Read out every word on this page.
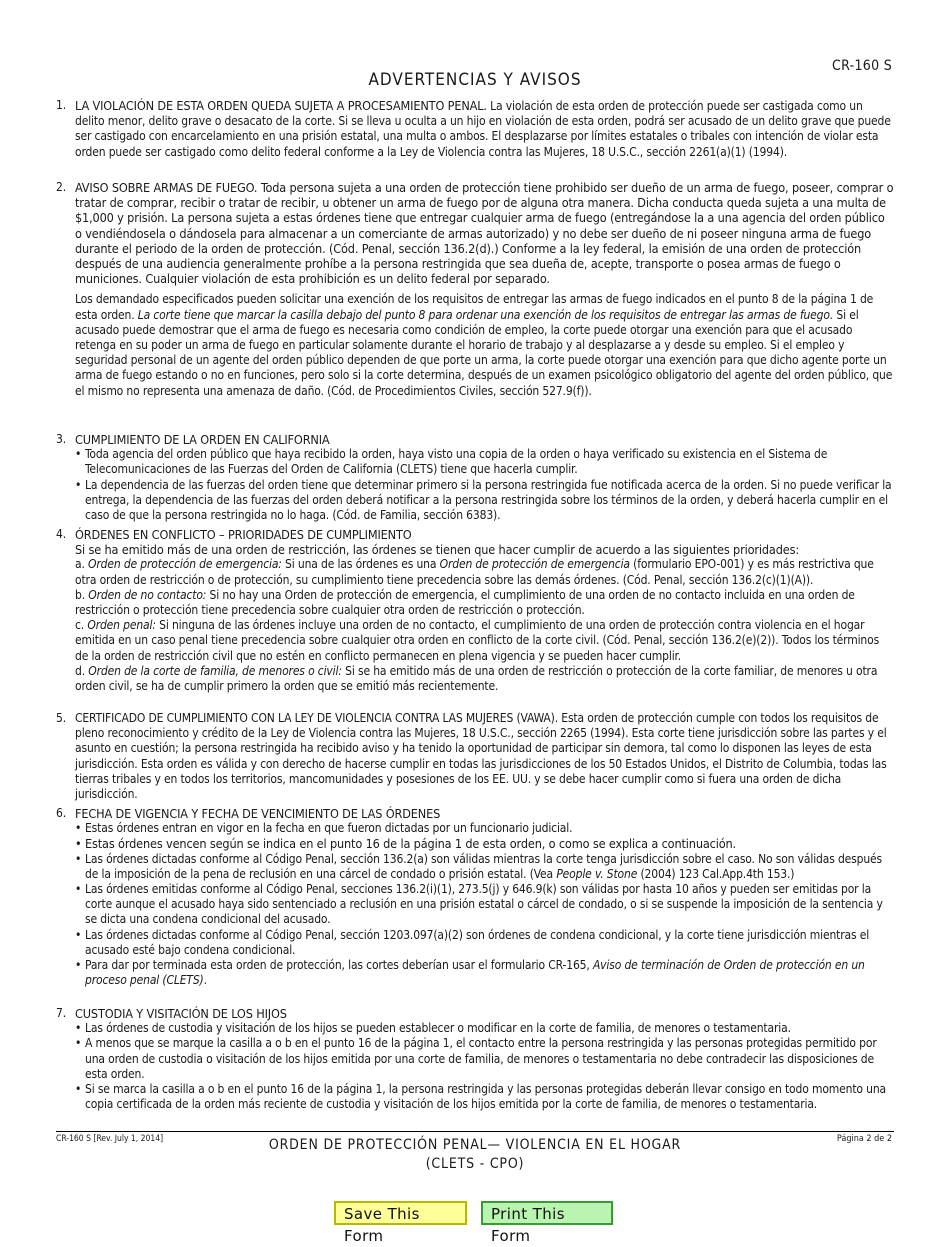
CR-160 S
ADVERTENCIAS Y AVISOS
1. LA VIOLACIÓN DE ESTA ORDEN QUEDA SUJETA A PROCESAMIENTO PENAL. La violación de esta orden de protección puede ser castigada como un delito menor, delito grave o desacato de la corte. Si se lleva u oculta a un hijo en violación de esta orden, podrá ser acusado de un delito grave que puede ser castigado con encarcelamiento en una prisión estatal, una multa o ambos. El desplazarse por límites estatales o tribales con intención de violar esta orden puede ser castigado como delito federal conforme a la Ley de Violencia contra las Mujeres, 18 U.S.C., sección 2261(a)(1) (1994).
2. AVISO SOBRE ARMAS DE FUEGO. Toda persona sujeta a una orden de protección tiene prohibido ser dueño de un arma de fuego, poseer, comprar o tratar de comprar, recibir o tratar de recibir, u obtener un arma de fuego por de alguna otra manera. Dicha conducta queda sujeta a una multa de $1,000 y prisión. La persona sujeta a estas órdenes tiene que entregar cualquier arma de fuego (entregándose la a una agencia del orden público o vendiéndosela o dándosela para almacenar a un comerciante de armas autorizado) y no debe ser dueño de ni poseer ninguna arma de fuego durante el periodo de la orden de protección. (Cód. Penal, sección 136.2(d).) Conforme a la ley federal, la emisión de una orden de protección después de una audiencia generalmente prohíbe a la persona restringida que sea dueña de, acepte, transporte o posea armas de fuego o municiones. Cualquier violación de esta prohibición es un delito federal por separado.
Los demandado especificados pueden solicitar una exención de los requisitos de entregar las armas de fuego indicados en el punto 8 de la página 1 de esta orden. La corte tiene que marcar la casilla debajo del punto 8 para ordenar una exención de los requisitos de entregar las armas de fuego. Si el acusado puede demostrar que el arma de fuego es necesaria como condición de empleo, la corte puede otorgar una exención para que el acusado retenga en su poder un arma de fuego en particular solamente durante el horario de trabajo y al desplazarse a y desde su empleo. Si el empleo y seguridad personal de un agente del orden público dependen de que porte un arma, la corte puede otorgar una exención para que dicho agente porte un arma de fuego estando o no en funciones, pero solo si la corte determina, después de un examen psicológico obligatorio del agente del orden público, que el mismo no representa una amenaza de daño. (Cód. de Procedimientos Civiles, sección 527.9(f)).
3. CUMPLIMIENTO DE LA ORDEN EN CALIFORNIA
• Toda agencia del orden público que haya recibido la orden, haya visto una copia de la orden o haya verificado su existencia en el Sistema de Telecomunicaciones de las Fuerzas del Orden de California (CLETS) tiene que hacerla cumplir.
• La dependencia de las fuerzas del orden tiene que determinar primero si la persona restringida fue notificada acerca de la orden. Si no puede verificar la entrega, la dependencia de las fuerzas del orden deberá notificar a la persona restringida sobre los términos de la orden, y deberá hacerla cumplir en el caso de que la persona restringida no lo haga. (Cód. de Familia, sección 6383).
4. ÓRDENES EN CONFLICTO – PRIORIDADES DE CUMPLIMIENTO
Si se ha emitido más de una orden de restricción, las órdenes se tienen que hacer cumplir de acuerdo a las siguientes prioridades:
a. Orden de protección de emergencia: Si una de las órdenes es una Orden de protección de emergencia (formulario EPO-001) y es más restrictiva que otra orden de restricción o de protección, su cumplimiento tiene precedencia sobre las demás órdenes. (Cód. Penal, sección 136.2(c)(1)(A)).
b. Orden de no contacto: Si no hay una Orden de protección de emergencia, el cumplimiento de una orden de no contacto incluida en una orden de restricción o protección tiene precedencia sobre cualquier otra orden de restricción o protección.
c. Orden penal: Si ninguna de las órdenes incluye una orden de no contacto, el cumplimiento de una orden de protección contra violencia en el hogar emitida en un caso penal tiene precedencia sobre cualquier otra orden en conflicto de la corte civil. (Cód. Penal, sección 136.2(e)(2)). Todos los términos de la orden de restricción civil que no estén en conflicto permanecen en plena vigencia y se pueden hacer cumplir.
d. Orden de la corte de familia, de menores o civil: Si se ha emitido más de una orden de restricción o protección de la corte familiar, de menores u otra orden civil, se ha de cumplir primero la orden que se emitió más recientemente.
5. CERTIFICADO DE CUMPLIMIENTO CON LA LEY DE VIOLENCIA CONTRA LAS MUJERES (VAWA). Esta orden de protección cumple con todos los requisitos de pleno reconocimiento y crédito de la Ley de Violencia contra las Mujeres, 18 U.S.C., sección 2265 (1994). Esta corte tiene jurisdicción sobre las partes y el asunto en cuestión; la persona restringida ha recibido aviso y ha tenido la oportunidad de participar sin demora, tal como lo disponen las leyes de esta jurisdicción. Esta orden es válida y con derecho de hacerse cumplir en todas las jurisdicciones de los 50 Estados Unidos, el Distrito de Columbia, todas las tierras tribales y en todos los territorios, mancomunidades y posesiones de los EE. UU. y se debe hacer cumplir como si fuera una orden de dicha jurisdicción.
6. FECHA DE VIGENCIA Y FECHA DE VENCIMIENTO DE LAS ÓRDENES
• Estas órdenes entran en vigor en la fecha en que fueron dictadas por un funcionario judicial.
• Estas órdenes vencen según se indica en el punto 16 de la página 1 de esta orden, o como se explica a continuación.
• Las órdenes dictadas conforme al Código Penal, sección 136.2(a) son válidas mientras la corte tenga jurisdicción sobre el caso. No son válidas después de la imposición de la pena de reclusión en una cárcel de condado o prisión estatal. (Vea People v. Stone (2004) 123 Cal.App.4th 153.)
• Las órdenes emitidas conforme al Código Penal, secciones 136.2(i)(1), 273.5(j) y 646.9(k) son válidas por hasta 10 años y pueden ser emitidas por la corte aunque el acusado haya sido sentenciado a reclusión en una prisión estatal o cárcel de condado, o si se suspende la imposición de la sentencia y se dicta una condena condicional del acusado.
• Las órdenes dictadas conforme al Código Penal, sección 1203.097(a)(2) son órdenes de condena condicional, y la corte tiene jurisdicción mientras el acusado esté bajo condena condicional.
• Para dar por terminada esta orden de protección, las cortes deberían usar el formulario CR-165, Aviso de terminación de Orden de protección en un proceso penal (CLETS).
7. CUSTODIA Y VISITACIÓN DE LOS HIJOS
• Las órdenes de custodia y visitación de los hijos se pueden establecer o modificar en la corte de familia, de menores o testamentaria.
• A menos que se marque la casilla a o b en el punto 16 de la página 1, el contacto entre la persona restringida y las personas protegidas permitido por una orden de custodia o visitación de los hijos emitida por una corte de familia, de menores o testamentaria no debe contradecir las disposiciones de esta orden.
• Si se marca la casilla a o b en el punto 16 de la página 1, la persona restringida y las personas protegidas deberán llevar consigo en todo momento una copia certificada de la orden más reciente de custodia y visitación de los hijos emitida por la corte de familia, de menores o testamentaria.
CR-160 S [Rev. July 1, 2014]	Página 2 de 2
ORDEN DE PROTECCIÓN PENAL— VIOLENCIA EN EL HOGAR
(CLETS - CPO)
Save This Form
Print This Form
